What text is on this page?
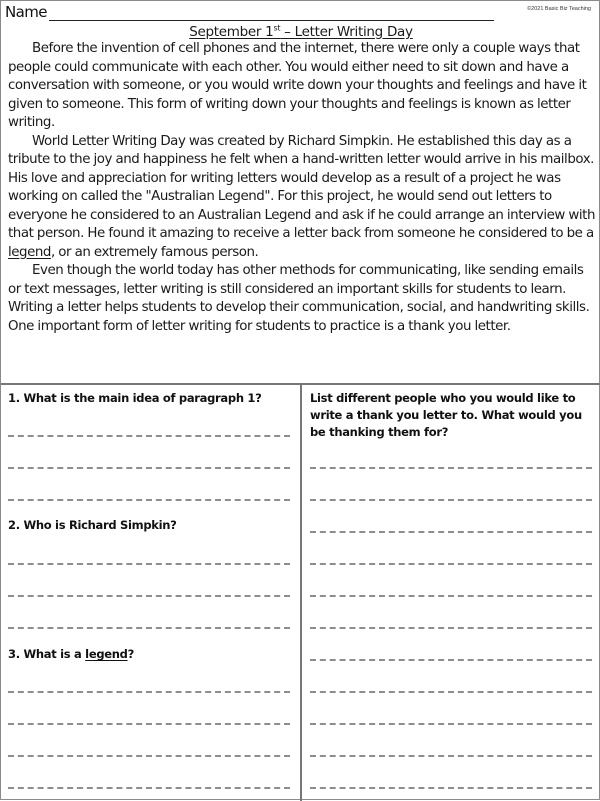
Name	©2021 Basic Biz Teaching
September 1st – Letter Writing Day

Before the invention of cell phones and the internet, there were only a couple ways that people could communicate with each other. You would either need to sit down and have a conversation with someone, or you would write down your thoughts and feelings and have it given to someone. This form of writing down your thoughts and feelings is known as letter writing.

World Letter Writing Day was created by Richard Simpkin. He established this day as a tribute to the joy and happiness he felt when a hand-written letter would arrive in his mailbox. His love and appreciation for writing letters would develop as a result of a project he was working on called the "Australian Legend". For this project, he would send out letters to everyone he considered to an Australian Legend and ask if he could arrange an interview with that person. He found it amazing to receive a letter back from someone he considered to be a legend, or an extremely famous person.

Even though the world today has other methods for communicating, like sending emails or text messages, letter writing is still considered an important skills for students to learn. Writing a letter helps students to develop their communication, social, and handwriting skills. One important form of letter writing for students to practice is a thank you letter.

1. What is the main idea of paragraph 1?
2. Who is Richard Simpkin?
3. What is a legend?
List different people who you would like to write a thank you letter to. What would you be thanking them for?
